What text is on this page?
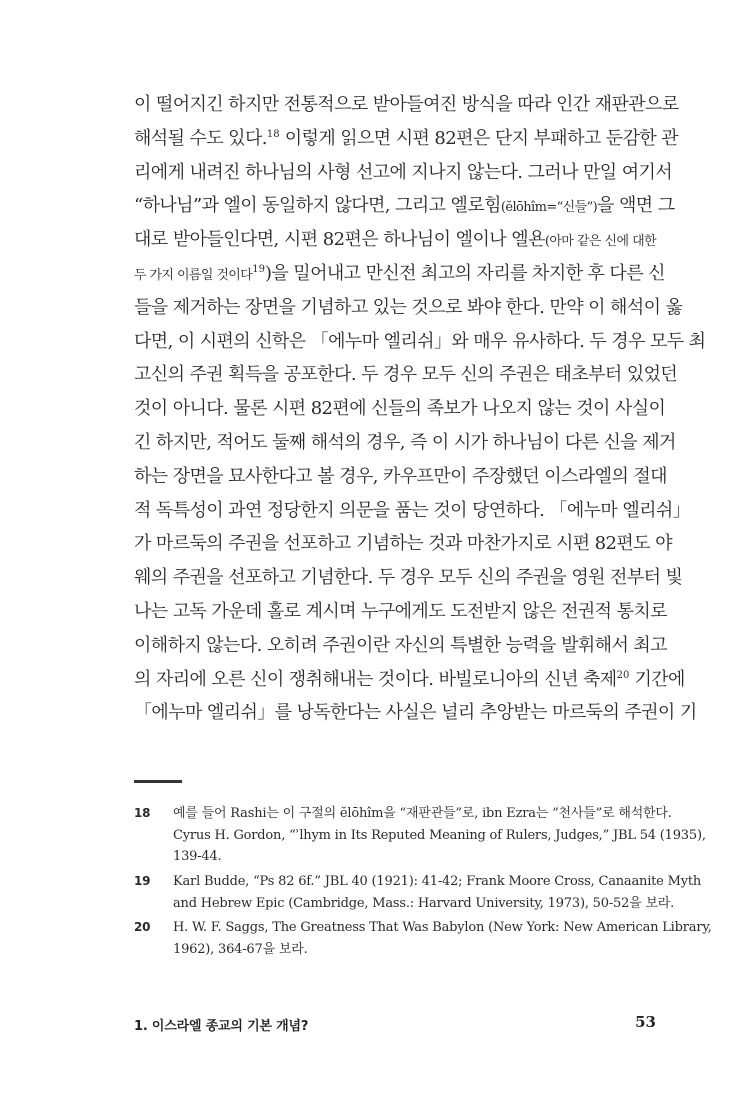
이 떨어지긴 하지만 전통적으로 받아들여진 방식을 따라 인간 재판관으로
해석될 수도 있다.$^{18}$ 이렇게 읽으면 시편 82편은 단지 부패하고 둔감한 관
리에게 내려진 하나님의 사형 선고에 지나지 않는다. 그러나 만일 여기서
“하나님”과 엘이 동일하지 않다면, 그리고 엘로힘(ĕlōhîm=“신들”)을 액면 그
대로 받아들인다면, 시편 82편은 하나님이 엘이나 엘욘(아마 같은 신에 대한
두 가지 이름일 것이다$^{19}$)을 밀어내고 만신전 최고의 자리를 차지한 후 다른 신
들을 제거하는 장면을 기념하고 있는 것으로 봐야 한다. 만약 이 해석이 옳
다면, 이 시편의 신학은 「에누마 엘리쉬」와 매우 유사하다. 두 경우 모두 최
고신의 주권 획득을 공포한다. 두 경우 모두 신의 주권은 태초부터 있었던
것이 아니다. 물론 시편 82편에 신들의 족보가 나오지 않는 것이 사실이
긴 하지만, 적어도 둘째 해석의 경우, 즉 이 시가 하나님이 다른 신을 제거
하는 장면을 묘사한다고 볼 경우, 카우프만이 주장했던 이스라엘의 절대
적 독특성이 과연 정당한지 의문을 품는 것이 당연하다. 「에누마 엘리쉬」
가 마르둑의 주권을 선포하고 기념하는 것과 마찬가지로 시편 82편도 야
웨의 주권을 선포하고 기념한다. 두 경우 모두 신의 주권을 영원 전부터 빛
나는 고독 가운데 홀로 계시며 누구에게도 도전받지 않은 전권적 통치로
이해하지 않는다. 오히려 주권이란 자신의 특별한 능력을 발휘해서 최고
의 자리에 오른 신이 쟁취해내는 것이다. 바빌로니아의 신년 축제$^{20}$ 기간에
「에누마 엘리쉬」를 낭독한다는 사실은 널리 추앙받는 마르둑의 주권이 기
18 예를 들어 Rashi는 이 구절의 ĕlōhîm을 “재판관들”로, ibn Ezra는 “천사들”로 해석한다.
Cyrus H. Gordon, “ʾlhym in Its Reputed Meaning of Rulers, Judges,” JBL 54 (1935),
139-44.
19 Karl Budde, “Ps 82 6f.” JBL 40 (1921): 41-42; Frank Moore Cross, Canaanite Myth
and Hebrew Epic (Cambridge, Mass.: Harvard University, 1973), 50-52을 보라.
20 H. W. F. Saggs, The Greatness That Was Babylon (New York: New American Library,
1962), 364-67을 보라.
1. 이스라엘 종교의 기본 개념?	53
